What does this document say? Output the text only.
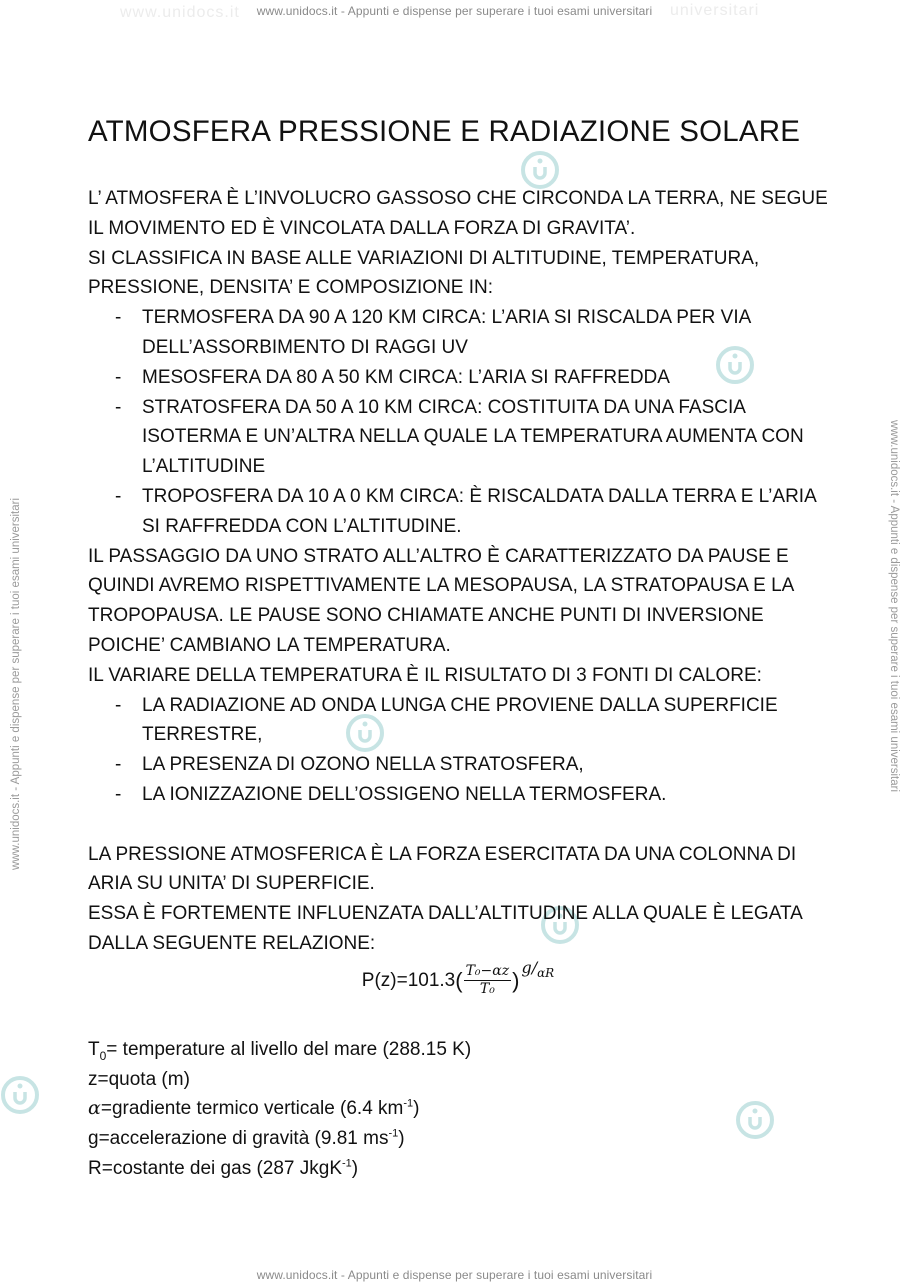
www.unidocs.it	universitari
www.unidocs.it - Appunti e dispense per superare i tuoi esami universitari
www.unidocs.it - Appunti e dispense per superare i tuoi esami universitari
www.unidocs.it - Appunti e dispense per superare i tuoi esami universitari	www.unidocs.it - Appunti e dispense per superare i tuoi esami universitari
ATMOSFERA PRESSIONE E RADIAZIONE SOLARE

L’ ATMOSFERA È L’INVOLUCRO GASSOSO CHE CIRCONDA LA TERRA, NE SEGUE IL MOVIMENTO ED È VINCOLATA DALLA FORZA DI GRAVITA’.

SI CLASSIFICA IN BASE ALLE VARIAZIONI DI ALTITUDINE, TEMPERATURA, PRESSIONE, DENSITA’ E COMPOSIZIONE IN:

- TERMOSFERA DA 90 A 120 KM CIRCA: L’ARIA SI RISCALDA PER VIA DELL’ASSORBIMENTO DI RAGGI UV
- MESOSFERA DA 80 A 50 KM CIRCA: L’ARIA SI RAFFREDDA
- STRATOSFERA DA 50 A 10 KM CIRCA: COSTITUITA DA UNA FASCIA ISOTERMA E UN’ALTRA NELLA QUALE LA TEMPERATURA AUMENTA CON L’ALTITUDINE
- TROPOSFERA DA 10 A 0 KM CIRCA: È RISCALDATA DALLA TERRA E L’ARIA SI RAFFREDDA CON L’ALTITUDINE.

IL PASSAGGIO DA UNO STRATO ALL’ALTRO È CARATTERIZZATO DA PAUSE E QUINDI AVREMO RISPETTIVAMENTE LA MESOPAUSA, LA STRATOPAUSA E LA TROPOPAUSA. LE PAUSE SONO CHIAMATE ANCHE PUNTI DI INVERSIONE POICHE’ CAMBIANO LA TEMPERATURA.

IL VARIARE DELLA TEMPERATURA È IL RISULTATO DI 3 FONTI DI CALORE:

- LA RADIAZIONE AD ONDA LUNGA CHE PROVIENE DALLA SUPERFICIE TERRESTRE,
- LA PRESENZA DI OZONO NELLA STRATOSFERA,
- LA IONIZZAZIONE DELL’OSSIGENO NELLA TERMOSFERA.

LA PRESSIONE ATMOSFERICA È LA FORZA ESERCITATA DA UNA COLONNA DI ARIA SU UNITA’ DI SUPERFICIE.

ESSA È FORTEMENTE INFLUENZATA DALL’ALTITUDINE ALLA QUALE È LEGATA DALLA SEGUENTE RELAZIONE:

P(z)=101.3 ( $\frac{\text{T₀−αz}}{\text{T₀}}$ )
$g/_{\alpha R}$
$T_0=$ temperature al livello del mare (288.15 K)
z=quota (m)
α=gradiente termico verticale (6.4 $km^{-1}$)
g=accelerazione di gravità (9.81 $ms^{-1}$)
R=costante dei gas (287 JkgK$^{-1}$)
